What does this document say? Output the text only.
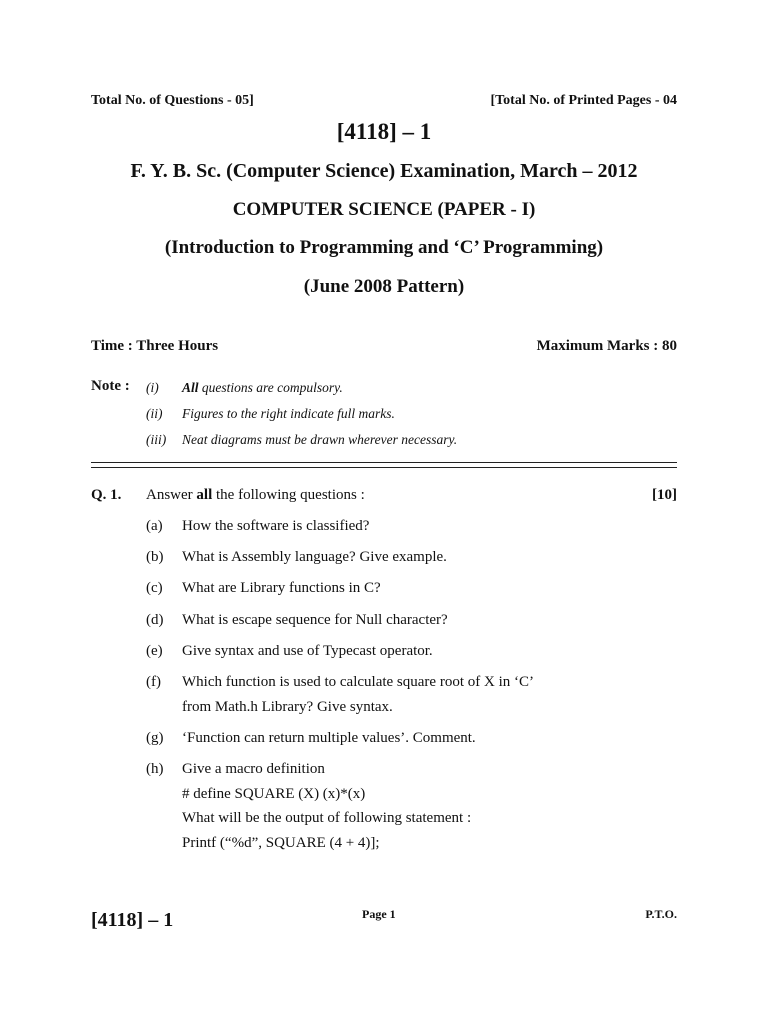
Total No. of Questions - 05]	[Total No. of Printed Pages - 04
[4118] – 1
F. Y. B. Sc. (Computer Science) Examination, March – 2012
COMPUTER SCIENCE (PAPER - I)
(Introduction to Programming and ‘C’ Programming)
(June 2008 Pattern)
Time : Three Hours	Maximum Marks : 80
Note : (i) All questions are compulsory.
(ii) Figures to the right indicate full marks.
(iii) Neat diagrams must be drawn wherever necessary.
Q. 1. Answer all the following questions :	[10]
(a) How the software is classified?
(b) What is Assembly language? Give example.
(c) What are Library functions in C?
(d) What is escape sequence for Null character?
(e) Give syntax and use of Typecast operator.
(f) Which function is used to calculate square root of X in ‘C’
from Math.h Library? Give syntax.
(g) ‘Function can return multiple values’. Comment.
(h) Give a macro definition
# define SQUARE (X) (x)*(x)
What will be the output of following statement :
Printf (“%d”, SQUARE (4 + 4)];
[4118] – 1	Page 1	P.T.O.
